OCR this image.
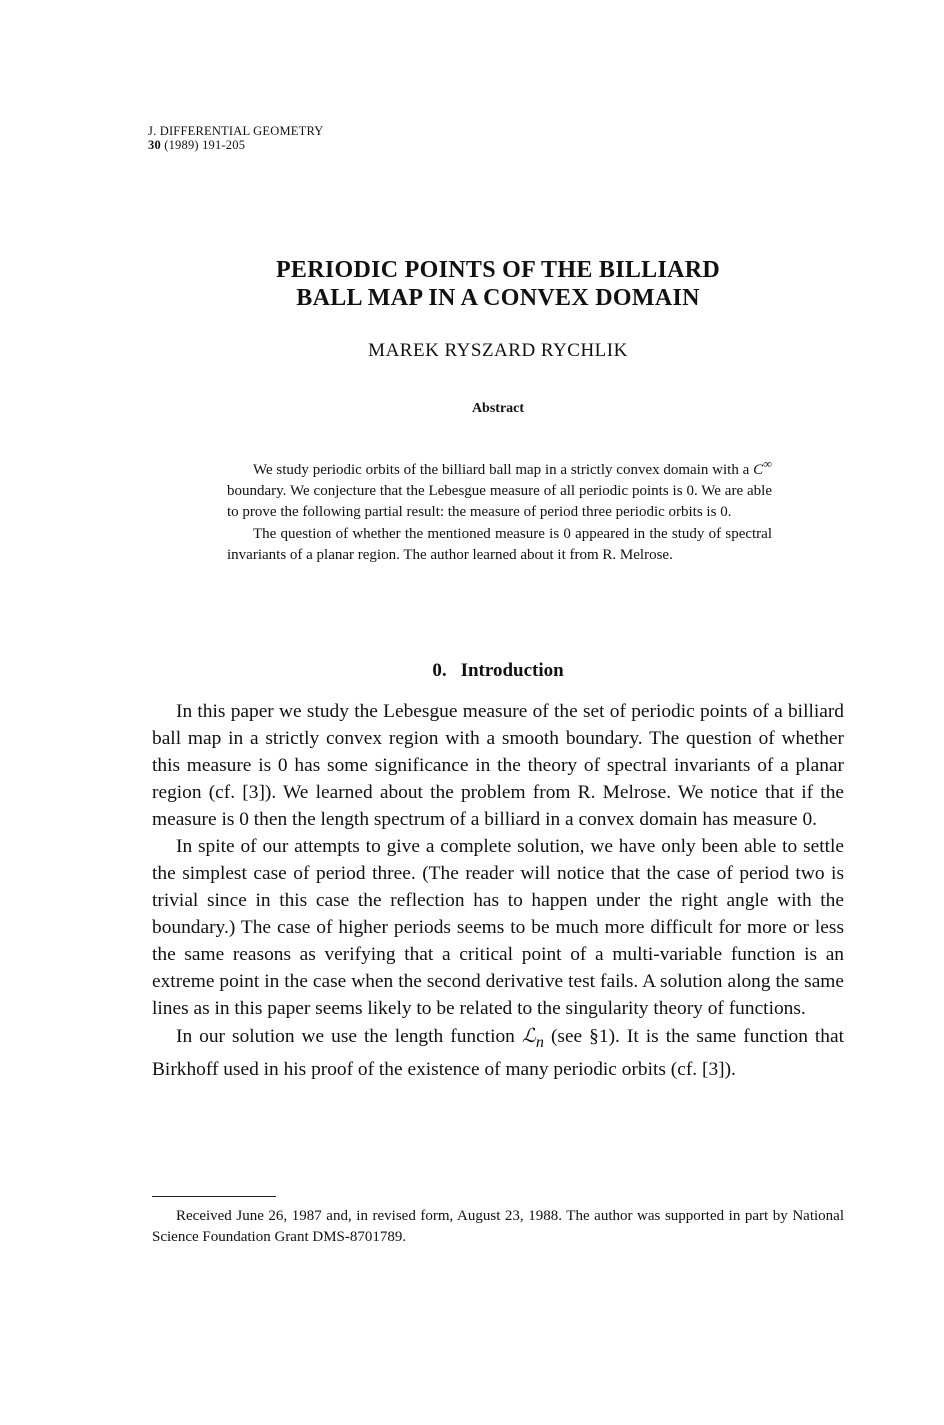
J. DIFFERENTIAL GEOMETRY
30 (1989) 191-205
PERIODIC POINTS OF THE BILLIARD
BALL MAP IN A CONVEX DOMAIN
MAREK RYSZARD RYCHLIK
Abstract

We study periodic orbits of the billiard ball map in a strictly convex domain with a C∞ boundary. We conjecture that the Lebesgue measure of all periodic points is 0. We are able to prove the following partial result: the measure of period three periodic orbits is 0.

The question of whether the mentioned measure is 0 appeared in the study of spectral invariants of a planar region. The author learned about it from R. Melrose.

0. Introduction

In this paper we study the Lebesgue measure of the set of periodic points of a billiard ball map in a strictly convex region with a smooth boundary. The question of whether this measure is 0 has some significance in the theory of spectral invariants of a planar region (cf. [3]). We learned about the problem from R. Melrose. We notice that if the measure is 0 then the length spectrum of a billiard in a convex domain has measure 0.

In spite of our attempts to give a complete solution, we have only been able to settle the simplest case of period three. (The reader will notice that the case of period two is trivial since in this case the reflection has to happen under the right angle with the boundary.) The case of higher periods seems to be much more difficult for more or less the same reasons as verifying that a critical point of a multi-variable function is an extreme point in the case when the second derivative test fails. A solution along the same lines as in this paper seems likely to be related to the singularity theory of functions.

In our solution we use the length function ℒ$_n$ (see §1). It is the same function that Birkhoff used in his proof of the existence of many periodic orbits (cf. [3]).

Received June 26, 1987 and, in revised form, August 23, 1988. The author was supported in part by National Science Foundation Grant DMS-8701789.
